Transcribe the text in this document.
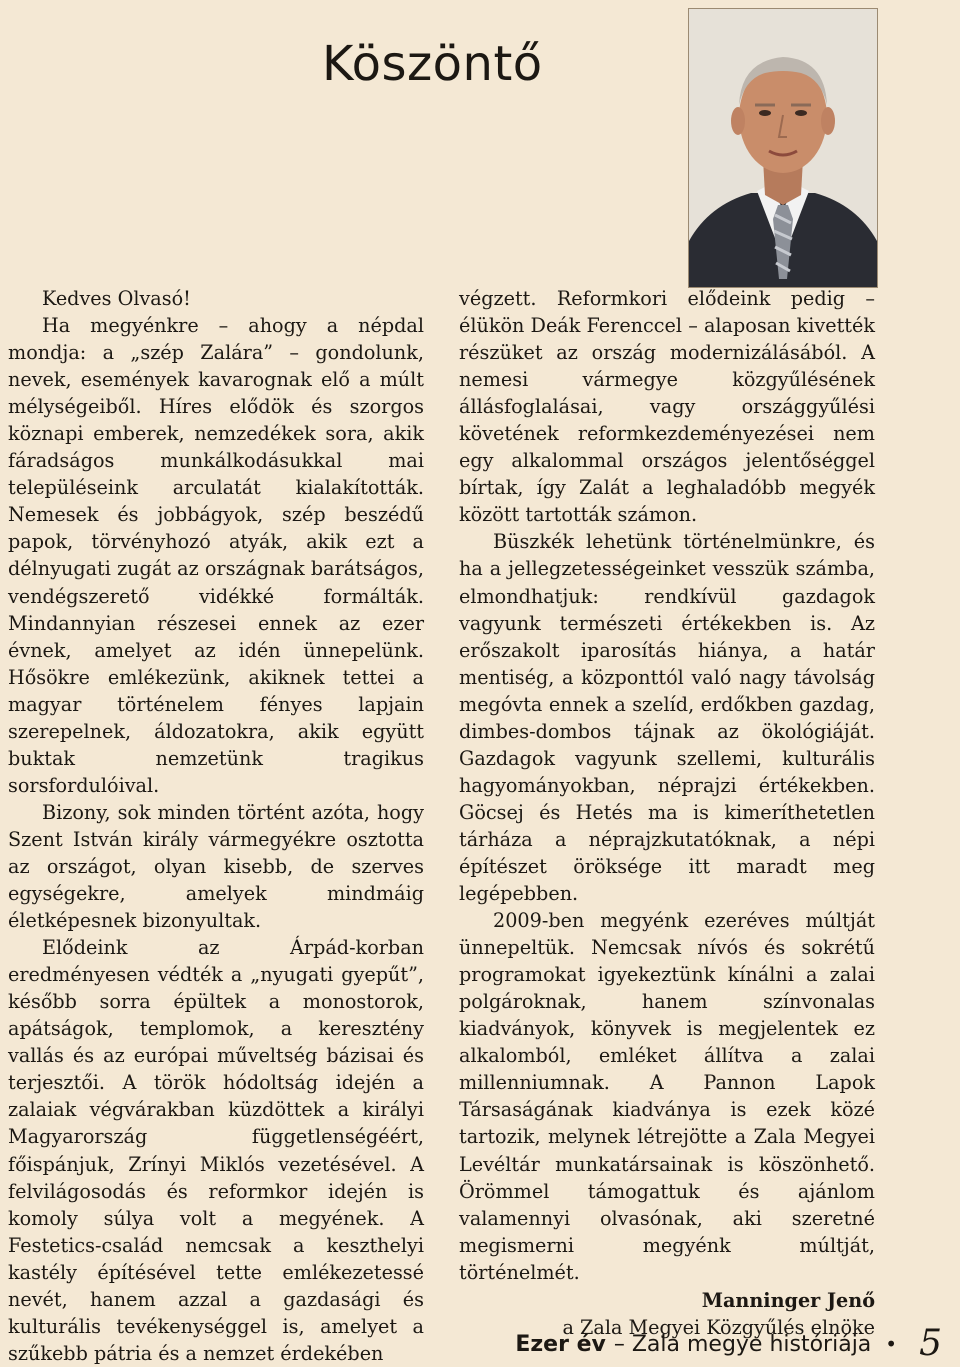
Köszöntő

Kedves Olvasó!

Ha megyénkre – ahogy a népdal mondja: a „szép Zalára” – gondolunk, nevek, események kavarognak elő a múlt mélységeiből. Híres elődök és szorgos köznapi emberek, nemzedékek sora, akik fáradságos munkálkodásukkal mai településeink arculatát kialakították. Nemesek és jobbágyok, szép beszédű papok, törvényhozó atyák, akik ezt a délnyugati zugát az országnak barátságos, vendégszerető vidékké formálták. Mindannyian részesei ennek az ezer évnek, amelyet az idén ünnepelünk. Hősökre emlékezünk, akiknek tettei a magyar történelem fényes lapjain szerepelnek, áldozatokra, akik együtt buktak nemzetünk tragikus sorsfordulóival.

Bizony, sok minden történt azóta, hogy Szent István király vármegyékre osztotta az országot, olyan kisebb, de szerves egységekre, amelyek mindmáig életképesnek bizonyultak.

Elődeink az Árpád-korban eredményesen védték a „nyugati gyepűt”, később sorra épültek a monostorok, apátságok, templomok, a keresztény vallás és az európai műveltség bázisai és terjesztői. A török hódoltság idején a zalaiak végvárakban küzdöttek a királyi Magyarország függetlenségéért, főispánjuk, Zrínyi Miklós vezetésével. A felvilágosodás és reformkor idején is komoly súlya volt a megyének. A Festetics-család nemcsak a keszthelyi kastély építésével tette emlékezetessé nevét, hanem azzal a gazdasági és kulturális tevékenységgel is, amelyet a szűkebb pátria és a nemzet érdekében

végzett. Reformkori elődeink pedig – élükön Deák Ferenccel – alaposan kivették részüket az ország modernizálásából. A nemesi vármegye közgyűlésének állásfoglalásai, vagy országgyűlési követének reformkezdeményezései nem egy alkalommal országos jelentőséggel bírtak, így Zalát a leghaladóbb megyék között tartották számon.

Büszkék lehetünk történelmünkre, és ha a jellegzetességeinket vesszük számba, elmondhatjuk: rendkívül gazdagok vagyunk természeti értékekben is. Az erőszakolt iparosítás hiánya, a határ mentiség, a központtól való nagy távolság megóvta ennek a szelíd, erdőkben gazdag, dimbes-dombos tájnak az ökológiáját. Gazdagok vagyunk szellemi, kulturális hagyományokban, néprajzi értékekben. Göcsej és Hetés ma is kimeríthetetlen tárháza a néprajzkutatóknak, a népi építészet öröksége itt maradt meg legépebben.

2009-ben megyénk ezeréves múltját ünnepeltük. Nemcsak nívós és sokrétű programokat igyekeztünk kínálni a zalai polgároknak, hanem színvonalas kiadványok, könyvek is megjelentek ez alkalomból, emléket állítva a zalai millenniumnak. A Pannon Lapok Társaságának kiadványa is ezek közé tartozik, melynek létrejötte a Zala Megyei Levéltár munkatársainak is köszönhető. Örömmel támogattuk és ajánlom valamennyi olvasónak, aki szeretné megismerni megyénk múltját, történelmét.

Manninger Jenő

a Zala Megyei Közgyűlés elnöke

Ezer év – Zala megye históriája • 5
